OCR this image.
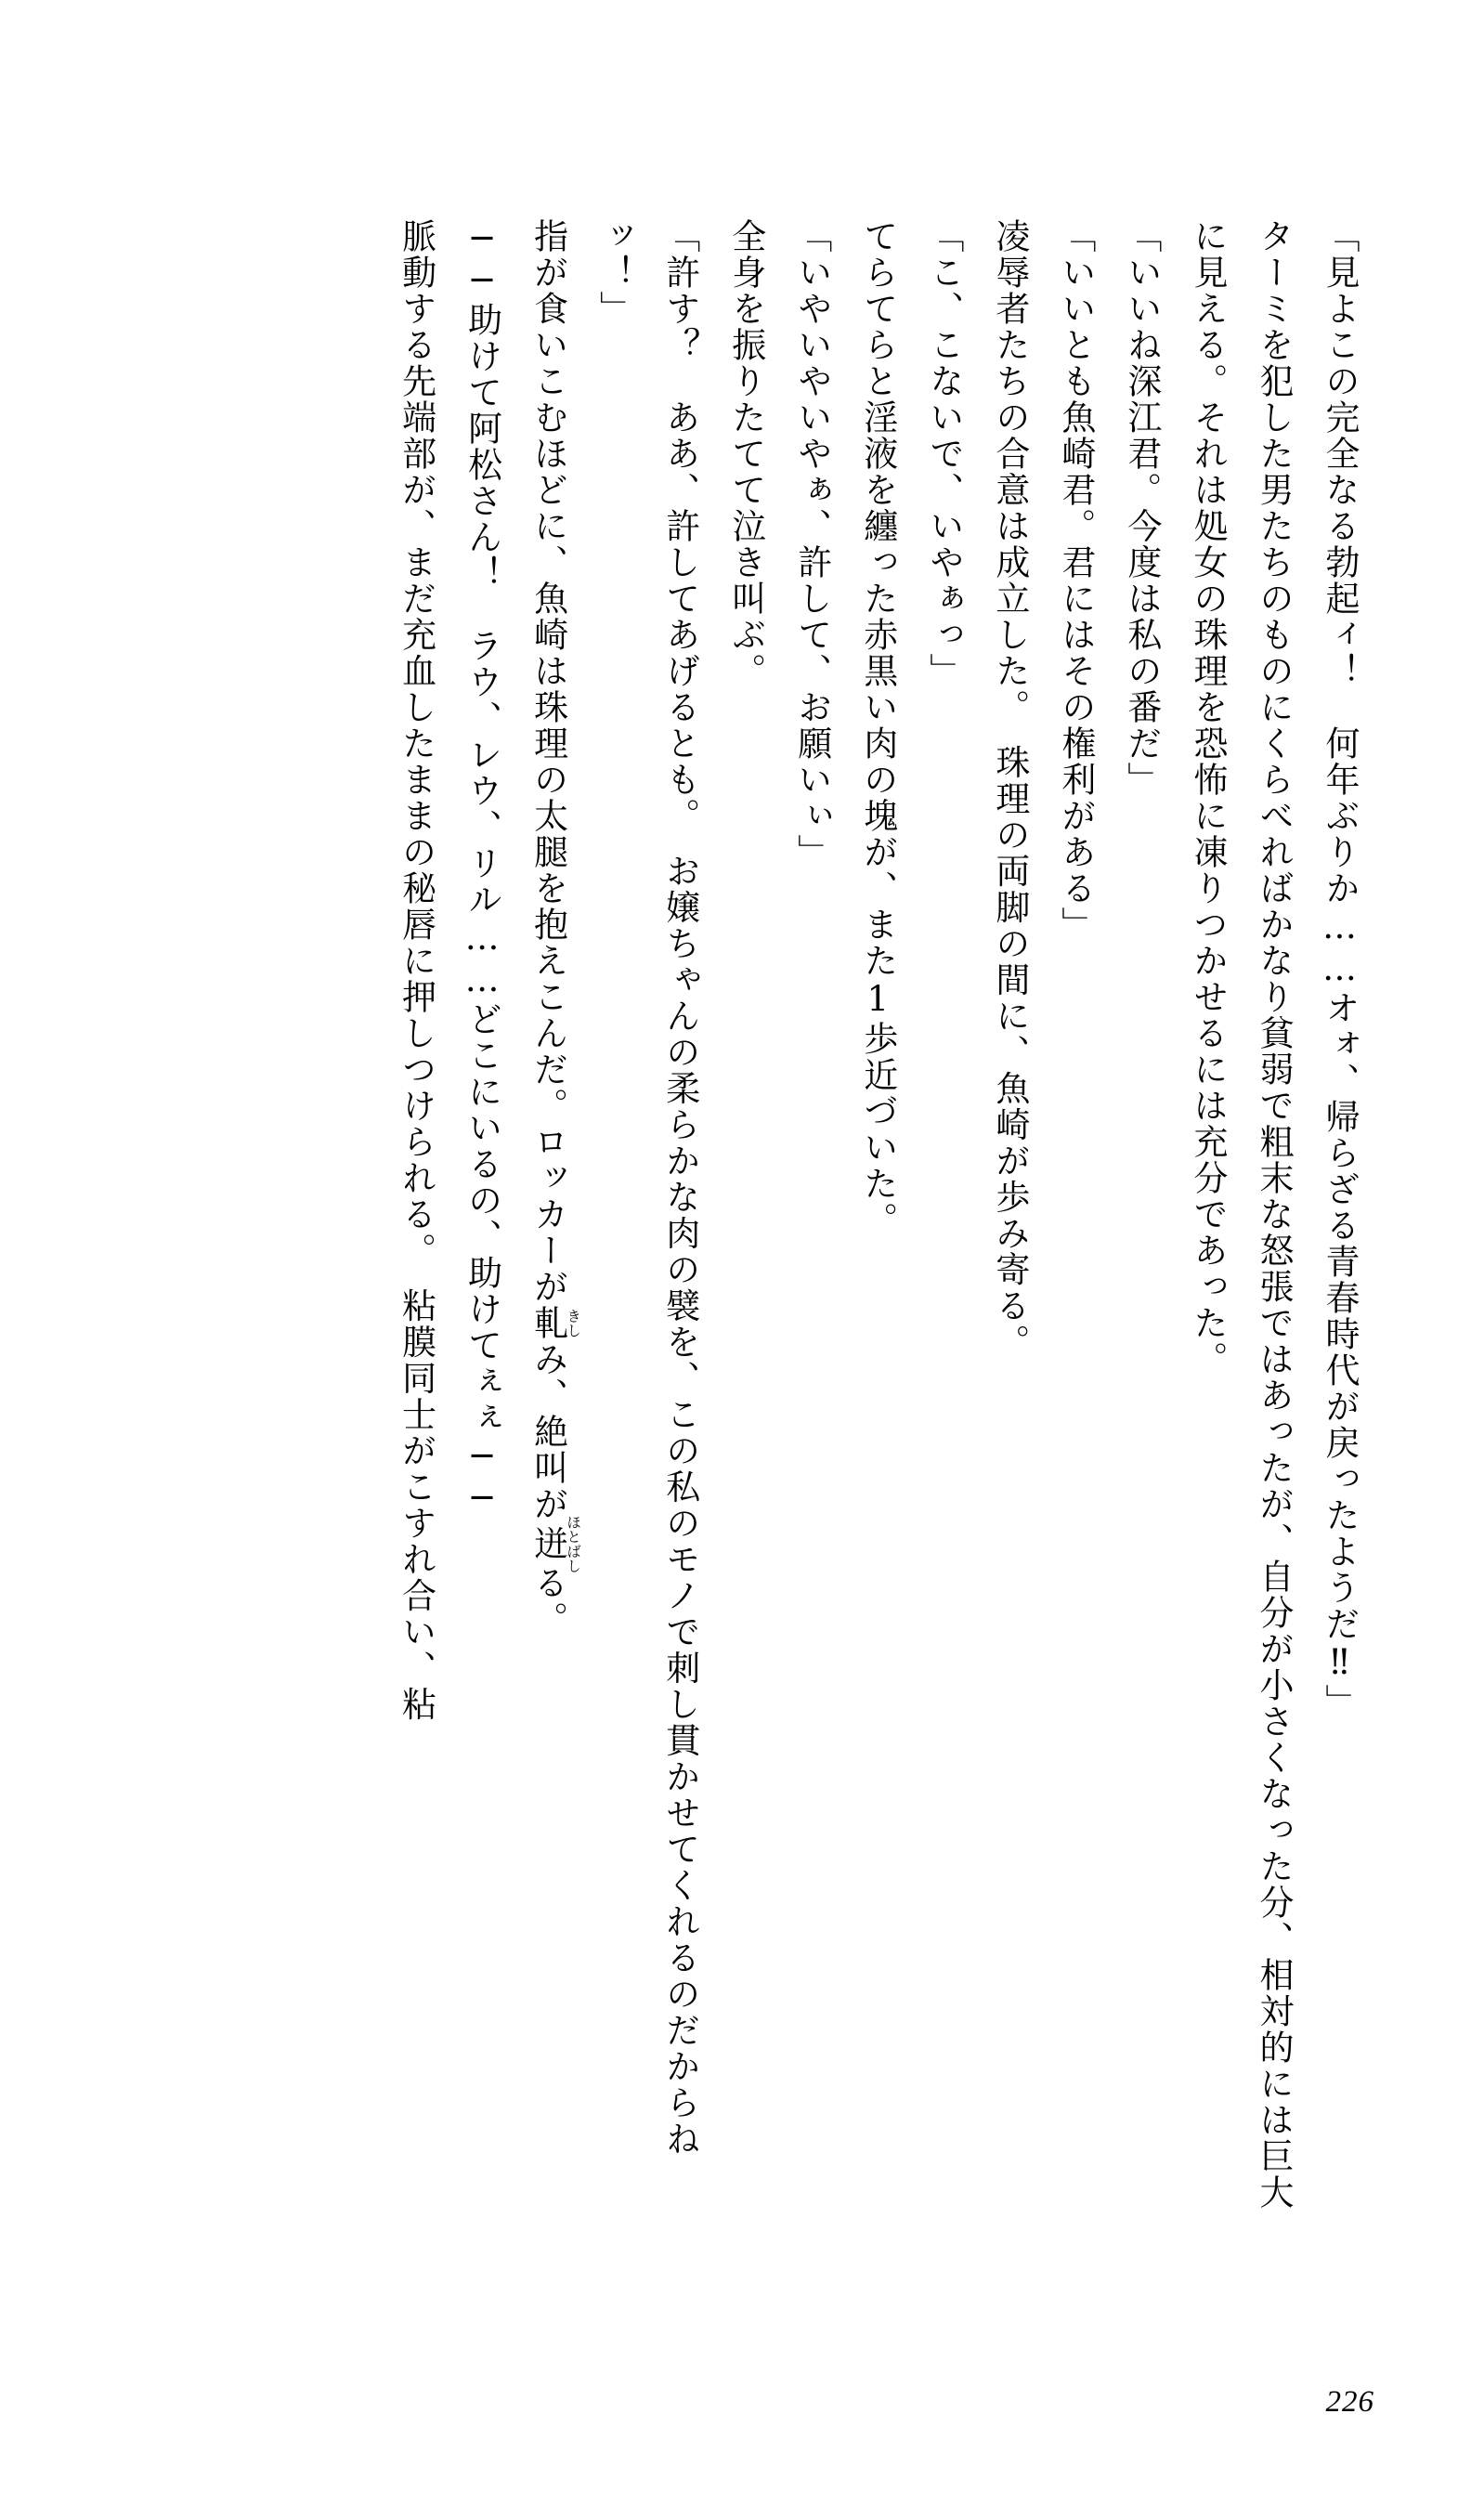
「見よこの完全なる勃起ィ！　何年ぶりか……オォ、帰らざる青春時代が戻ったようだ‼」

ターミを犯した男たちのものにくらべればかなり貧弱で粗末な怒張ではあったが、自分が小さくなった分、相対的には巨大に見える。それは処女の珠理を恐怖に凍りつかせるには充分であった。

「いいね深江君。今度は私の番だ」

「いいとも魚崎君。君にはその権利がある」

凌辱者たちの合意は成立した。　珠理の両脚の間に、魚崎が歩み寄る。

「こ、こないで、いやぁっ」

てらてらと淫液を纏った赤黒い肉の塊が、また1歩近づいた。

「いやいやいやぁ、許して、お願いぃ」

全身を振りたてて泣き叫ぶ。

「許す？　ああ、許してあげるとも。　お嬢ちゃんの柔らかな肉の襞を、この私のモノで刺し貫かせてくれるのだからねッ！」

指が食いこむほどに、魚崎は珠理の太腿を抱えこんだ。ロッカーが軋きしみ、絶叫が迸ほとばしる。

──助けて阿松さん！　ラウ、レウ、リル……どこにいるの、助けてぇぇ──

脈動する先端部が、まだ充血したままの秘唇に押しつけられる。　粘膜同士がこすれ合い、粘

226
